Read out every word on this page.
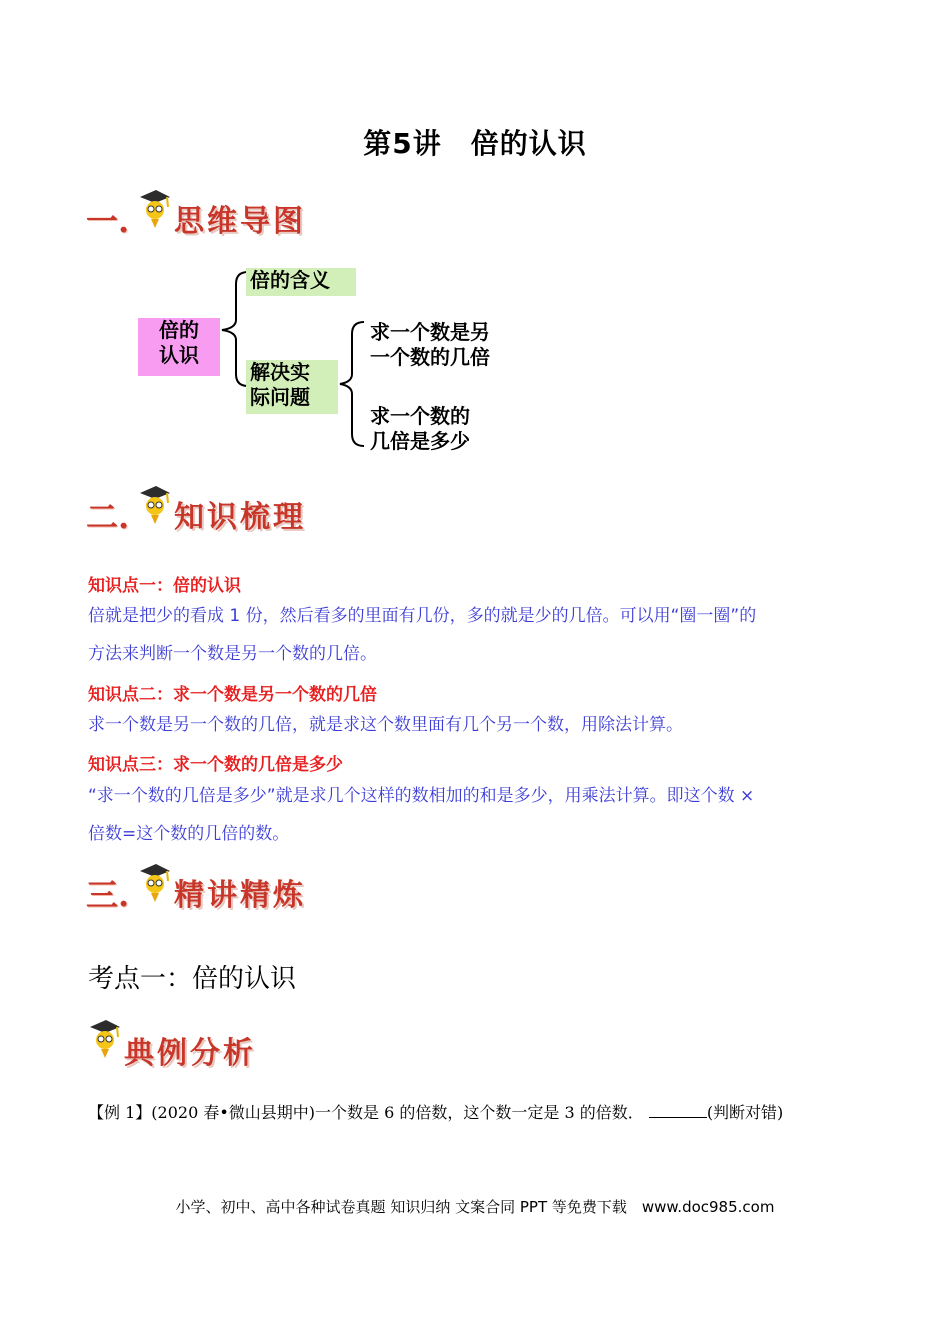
第5讲　倍的认识
一. 思维导图
倍的
认识
倍的含义
解决实
际问题
求一个数是另
一个数的几倍
求一个数的
几倍是多少
二. 知识梳理
知识点一：倍的认识
倍就是把少的看成 1 份，然后看多的里面有几份，多的就是少的几倍。可以用“圈一圈”的
方法来判断一个数是另一个数的几倍。
知识点二：求一个数是另一个数的几倍
求一个数是另一个数的几倍，就是求这个数里面有几个另一个数，用除法计算。
知识点三：求一个数的几倍是多少
“求一个数的几倍是多少”就是求几个这样的数相加的和是多少，用乘法计算。即这个数 ×
倍数=这个数的几倍的数。
三. 精讲精炼
考点一：倍的认识
典例分析
【例 1】(2020 春•微山县期中)一个数是 6 的倍数，这个数一定是 3 的倍数．	(判断对错)
小学、初中、高中各种试卷真题 知识归纳 文案合同 PPT 等免费下载　www.doc985.com
